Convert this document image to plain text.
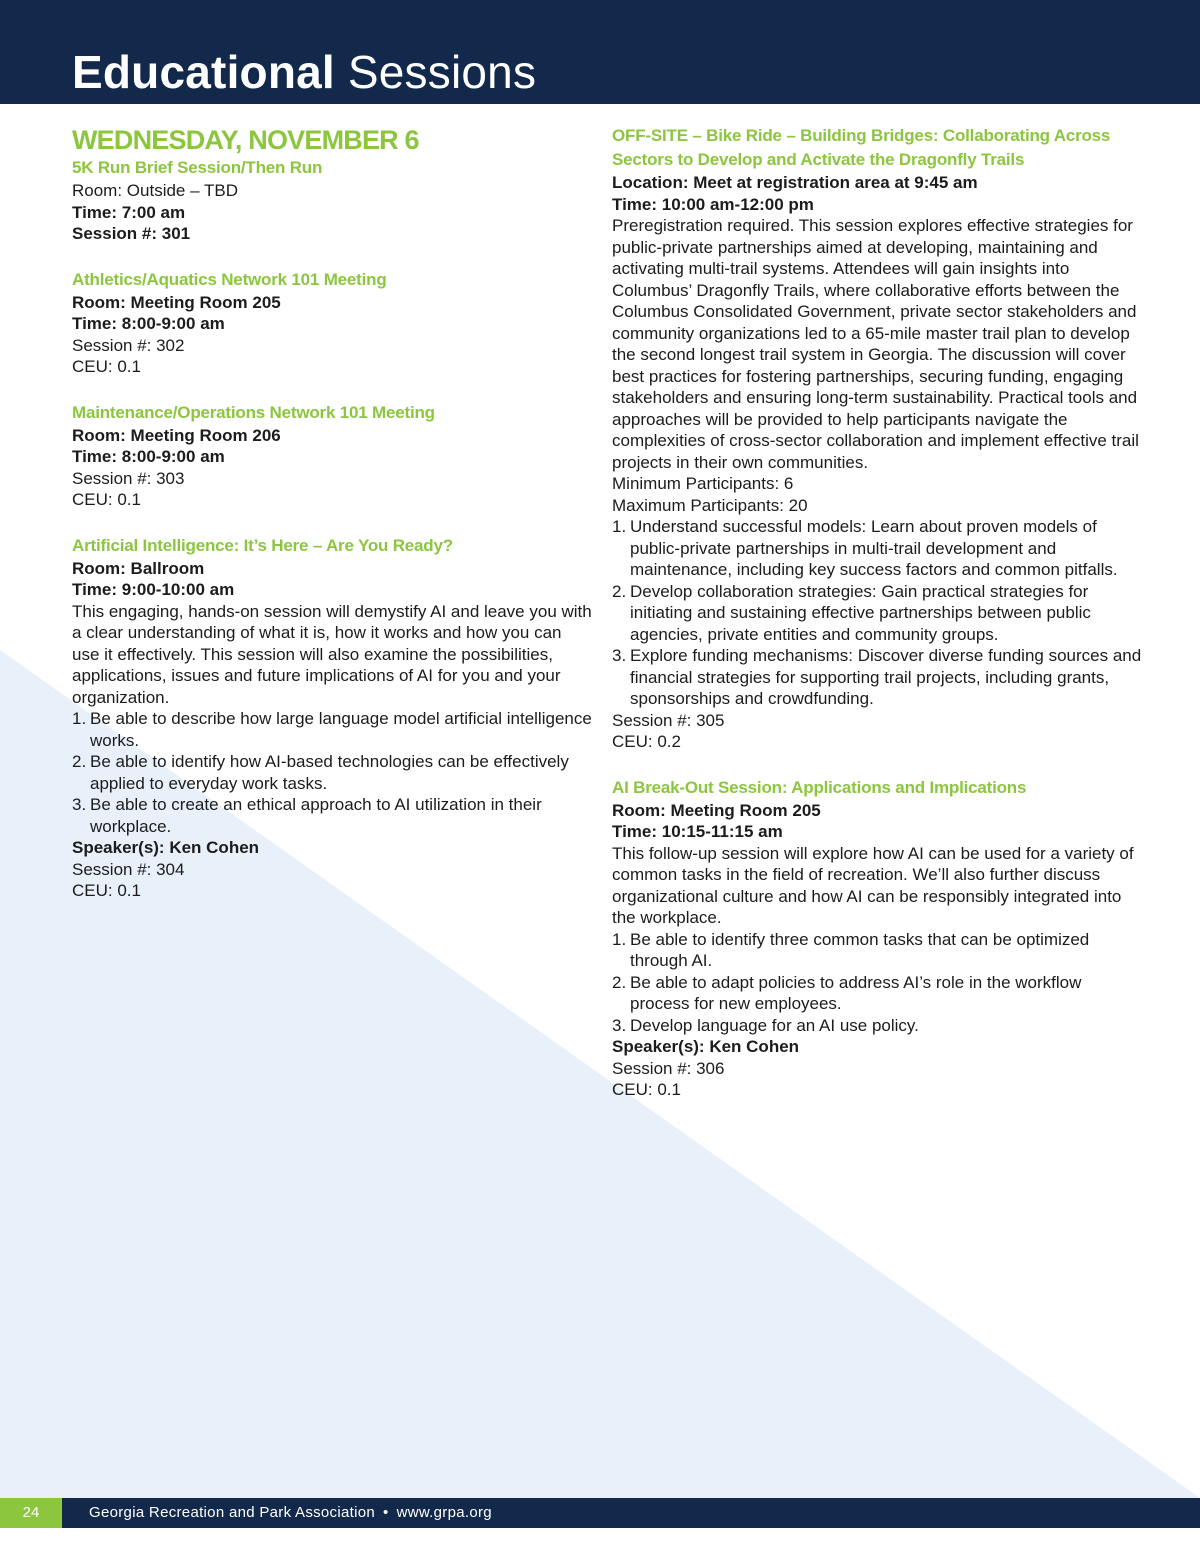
Educational Sessions
WEDNESDAY, NOVEMBER 6
5K Run Brief Session/Then Run

Room: Outside – TBD

Time: 7:00 am

Session #: 301

Athletics/Aquatics Network 101 Meeting

Room: Meeting Room 205

Time: 8:00-9:00 am

Session #: 302

CEU: 0.1

Maintenance/Operations Network 101 Meeting

Room: Meeting Room 206

Time: 8:00-9:00 am

Session #: 303

CEU: 0.1

Artificial Intelligence: It’s Here – Are You Ready?

Room: Ballroom

Time: 9:00-10:00 am

This engaging, hands-on session will demystify AI and leave you with a clear understanding of what it is, how it works and how you can use it effectively. This session will also examine the possibilities, applications, issues and future implications of AI for you and your organization.

1. Be able to describe how large language model artificial intelligence works.
2. Be able to identify how AI-based technologies can be effectively applied to everyday work tasks.
3. Be able to create an ethical approach to AI utilization in their workplace.

Speaker(s): Ken Cohen

Session #: 304

CEU: 0.1

OFF-SITE – Bike Ride – Building Bridges: Collaborating Across
Sectors to Develop and Activate the Dragonfly Trails

Location: Meet at registration area at 9:45 am

Time: 10:00 am-12:00 pm

Preregistration required. This session explores effective strategies for public-private partnerships aimed at developing, maintaining and activating multi-trail systems. Attendees will gain insights into Columbus’ Dragonfly Trails, where collaborative efforts between the Columbus Consolidated Government, private sector stakeholders and community organizations led to a 65-mile master trail plan to develop the second longest trail system in Georgia. The discussion will cover best practices for fostering partnerships, securing funding, engaging stakeholders and ensuring long-term sustainability. Practical tools and approaches will be provided to help participants navigate the complexities of cross-sector collaboration and implement effective trail projects in their own communities.

Minimum Participants: 6

Maximum Participants: 20

1. Understand successful models: Learn about proven models of public-private partnerships in multi-trail development and maintenance, including key success factors and common pitfalls.
2. Develop collaboration strategies: Gain practical strategies for initiating and sustaining effective partnerships between public agencies, private entities and community groups.
3. Explore funding mechanisms: Discover diverse funding sources and financial strategies for supporting trail projects, including grants, sponsorships and crowdfunding.

Session #: 305

CEU: 0.2

AI Break-Out Session: Applications and Implications

Room: Meeting Room 205

Time: 10:15-11:15 am

This follow-up session will explore how AI can be used for a variety of common tasks in the field of recreation. We’ll also further discuss organizational culture and how AI can be responsibly integrated into the workplace.

1. Be able to identify three common tasks that can be optimized through AI.
2. Be able to adapt policies to address AI’s role in the workflow process for new employees.
3. Develop language for an AI use policy.

Speaker(s): Ken Cohen

Session #: 306

CEU: 0.1

24	Georgia Recreation and Park Association • www.grpa.org
